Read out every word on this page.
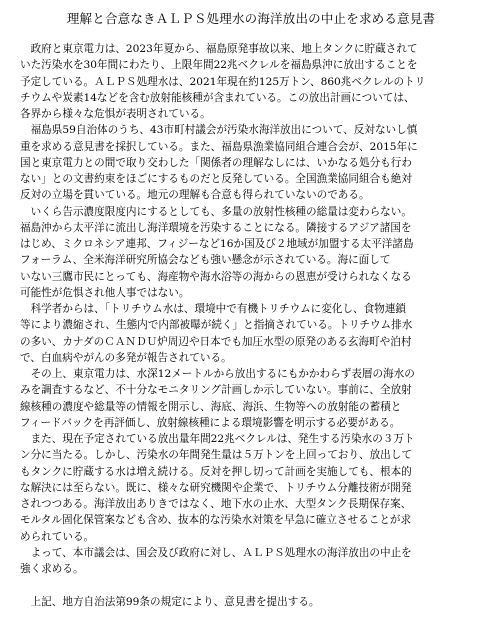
理解と合意なきＡＬＰＳ処理水の海洋放出の中止を求める意見書
　政府と東京電力は、2023年夏から、福島原発事故以来、地上タンクに貯蔵されて
いた汚染水を30年間にわたり、上限年間22兆ベクレルを福島県沖に放出することを
予定している。ＡＬＰＳ処理水は、2021年現在約125万トン、860兆ベクレルのトリ
チウムや炭素14などを含む放射能核種が含まれている。この放出計画については、
各界から様々な危惧が表明されている。
　福島県59自治体のうち、43市町村議会が汚染水海洋放出について、反対ないし慎
重を求める意見書を採択している。また、福島県漁業協同組合連合会が、2015年に
国と東京電力との間で取り交わした「関係者の理解なしには、いかなる処分も行わ
ない」との文書約束をほごにするものだと反発している。全国漁業協同組合も絶対
反対の立場を貫いている。地元の理解も合意も得られていないのである。
　いくら告示濃度限度内にするとしても、多量の放射性核種の総量は変わらない。
福島沖から太平洋に流出し海洋環境を汚染することになる。隣接するアジア諸国を
はじめ、ミクロネシア連邦、フィジーなど16か国及び２地域が加盟する太平洋諸島
フォーラム、全米海洋研究所協会なども強い懸念が示されている。海に面して
いない三鷹市民にとっても、海産物や海水浴等の海からの恩恵が受けられなくなる
可能性が危惧され他人事ではない。
　科学者からは、「トリチウム水は、環境中で有機トリチウムに変化し、食物連鎖
等により濃縮され、生態内で内部被曝が続く」と指摘されている。トリチウム排水
の多い、カナダのＣＡＮＤＵ炉周辺や日本でも加圧水型の原発のある玄海町や泊村
で、白血病やがんの多発が報告されている。
　その上、東京電力は、水深12メートルから放出するにもかかわらず表層の海水の
みを調査するなど、不十分なモニタリング計画しか示していない。事前に、全放射
線核種の濃度や総量等の情報を開示し、海底、海浜、生物等への放射能の蓄積と
フィードバックを再評価し、放射線核種による環境影響を明示する必要がある。
　また、現在予定されている放出量年間22兆ベクレルは、発生する汚染水の３万ト
ン分に当たる。しかし、汚染水の年間発生量は５万トンを上回っており、放出して
もタンクに貯蔵する水は増え続ける。反対を押し切って計画を実施しても、根本的
な解決には至らない。既に、様々な研究機関や企業で、トリチウム分離技術が開発
されつつある。海洋放出ありきではなく、地下水の止水、大型タンク長期保存案、
モルタル固化保管案なども含め、抜本的な汚染水対策を早急に確立させることが求
められている。
　よって、本市議会は、国会及び政府に対し、ＡＬＰＳ処理水の海洋放出の中止を
強く求める。
　上記、地方自治法第99条の規定により、意見書を提出する。
